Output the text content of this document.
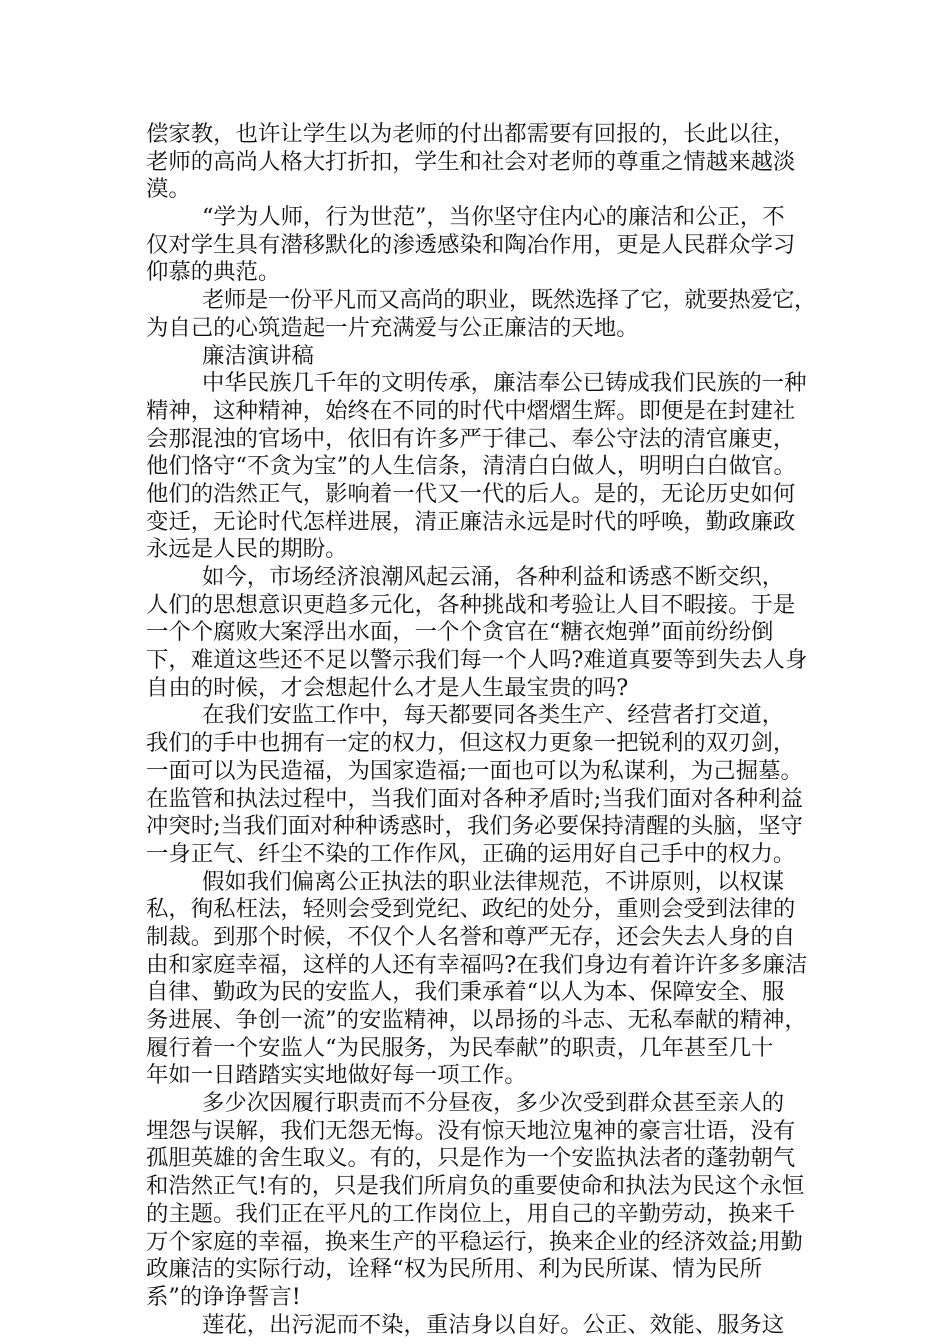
偿家教，也许让学生以为老师的付出都需要有回报的，长此以往，
老师的高尚人格大打折扣，学生和社会对老师的尊重之情越来越淡
漠。
“学为人师，行为世范”，当你坚守住内心的廉洁和公正，不
仅对学生具有潜移默化的渗透感染和陶冶作用，更是人民群众学习
仰慕的典范。
老师是一份平凡而又高尚的职业，既然选择了它，就要热爱它，
为自己的心筑造起一片充满爱与公正廉洁的天地。
廉洁演讲稿
中华民族几千年的文明传承，廉洁奉公已铸成我们民族的一种
精神，这种精神，始终在不同的时代中熠熠生辉。即便是在封建社
会那混浊的官场中，依旧有许多严于律己、奉公守法的清官廉吏，
他们恪守“不贪为宝”的人生信条，清清白白做人，明明白白做官。
他们的浩然正气，影响着一代又一代的后人。是的，无论历史如何
变迁，无论时代怎样进展，清正廉洁永远是时代的呼唤，勤政廉政
永远是人民的期盼。
如今，市场经济浪潮风起云涌，各种利益和诱惑不断交织，
人们的思想意识更趋多元化，各种挑战和考验让人目不暇接。于是
一个个腐败大案浮出水面，一个个贪官在“糖衣炮弹”面前纷纷倒
下，难道这些还不足以警示我们每一个人吗?难道真要等到失去人身
自由的时候，才会想起什么才是人生最宝贵的吗?
在我们安监工作中，每天都要同各类生产、经营者打交道，
我们的手中也拥有一定的权力，但这权力更象一把锐利的双刃剑，
一面可以为民造福，为国家造福;一面也可以为私谋利，为己掘墓。
在监管和执法过程中，当我们面对各种矛盾时;当我们面对各种利益
冲突时;当我们面对种种诱惑时，我们务必要保持清醒的头脑，坚守
一身正气、纤尘不染的工作作风，正确的运用好自己手中的权力。
假如我们偏离公正执法的职业法律规范，不讲原则，以权谋
私，徇私枉法，轻则会受到党纪、政纪的处分，重则会受到法律的
制裁。到那个时候，不仅个人名誉和尊严无存，还会失去人身的自
由和家庭幸福，这样的人还有幸福吗?在我们身边有着许许多多廉洁
自律、勤政为民的安监人，我们秉承着“以人为本、保障安全、服
务进展、争创一流”的安监精神，以昂扬的斗志、无私奉献的精神，
履行着一个安监人“为民服务，为民奉献”的职责，几年甚至几十
年如一日踏踏实实地做好每一项工作。
多少次因履行职责而不分昼夜，多少次受到群众甚至亲人的
埋怨与误解，我们无怨无悔。没有惊天地泣鬼神的豪言壮语，没有
孤胆英雄的舍生取义。有的，只是作为一个安监执法者的蓬勃朝气
和浩然正气!有的，只是我们所肩负的重要使命和执法为民这个永恒
的主题。我们正在平凡的工作岗位上，用自己的辛勤劳动，换来千
万个家庭的幸福，换来生产的平稳运行，换来企业的经济效益;用勤
政廉洁的实际行动，诠释“权为民所用、利为民所谋、情为民所
系”的诤诤誓言!
莲花，出污泥而不染，重洁身以自好。公正、效能、服务这
